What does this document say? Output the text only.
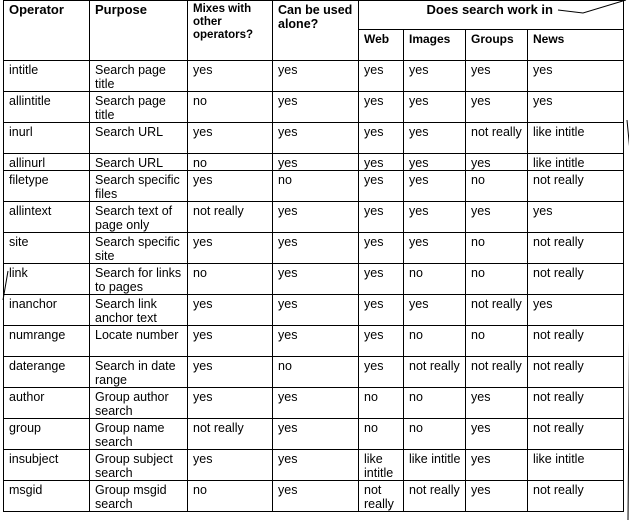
Operator	Purpose	Mixes with other operators?	Can be used alone?	Does search work in			
				Web	Images	Groups	News
intitle	Search page title	yes	yes	yes	yes	yes	yes
allintitle	Search page title	no	yes	yes	yes	yes	yes
inurl	Search URL	yes	yes	yes	yes	not really	like intitle
allinurl	Search URL	no	yes	yes	yes	yes	like intitle
filetype	Search specific files	yes	no	yes	yes	no	not really
allintext	Search text of page only	not really	yes	yes	yes	yes	yes
site	Search specific site	yes	yes	yes	yes	no	not really
link	Search for links to pages	no	yes	yes	no	no	not really
inanchor	Search link anchor text	yes	yes	yes	yes	not really	yes
numrange	Locate number	yes	yes	yes	no	no	not really
daterange	Search in date range	yes	no	yes	not really	not really	not really
author	Group author search	yes	yes	no	no	yes	not really
group	Group name search	not really	yes	no	no	yes	not really
insubject	Group subject search	yes	yes	like intitle	like intitle	yes	like intitle
msgid	Group msgid search	no	yes	not really	not really	yes	not really
